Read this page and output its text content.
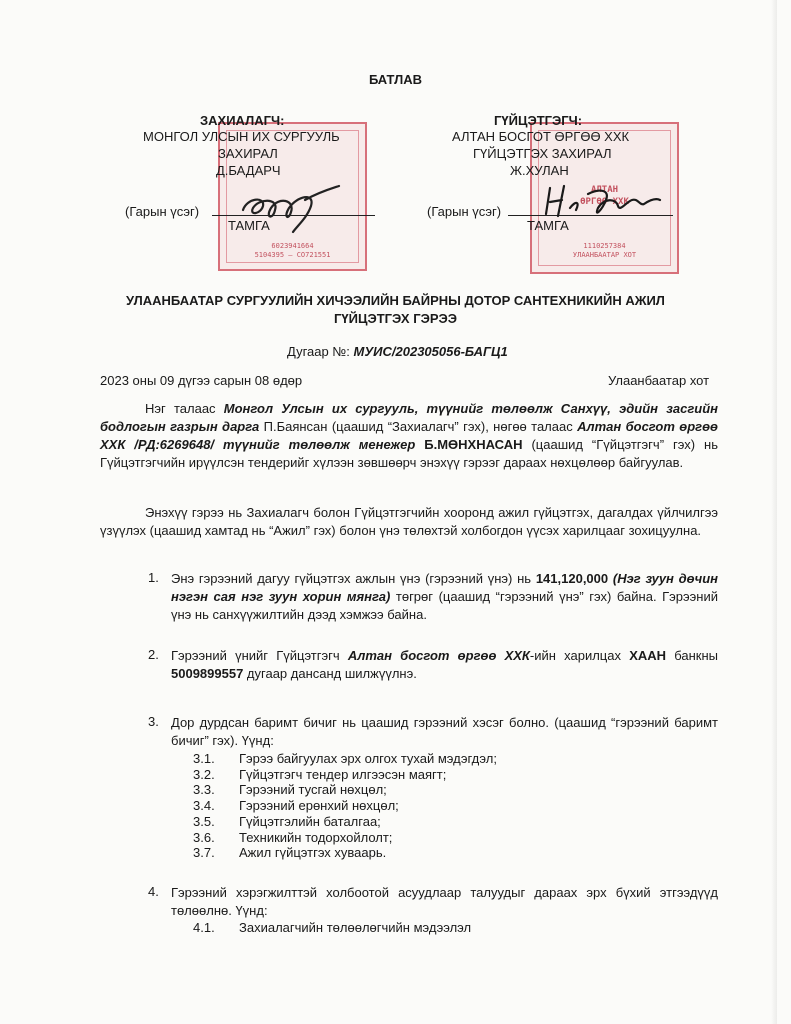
БАТЛАВ
6023941664
5104395 — СО721551
ЗАХИАЛАГЧ:
МОНГОЛ УЛСЫН ИХ СУРГУУЛЬ
ЗАХИРАЛ
Д.БАДАРЧ
(Гарын үсэг)
ТАМГА
АЛТАН
ӨРГӨӨ ХХК
1110257384
УЛААНБААТАР ХОТ
ГҮЙЦЭТГЭГЧ:
АЛТАН БОСГОТ ӨРГӨӨ ХХК
ГҮЙЦЭТГЭХ ЗАХИРАЛ
Ж.ХУЛАН
(Гарын үсэг)
ТАМГА
УЛААНБААТАР СУРГУУЛИЙН ХИЧЭЭЛИЙН БАЙРНЫ ДОТОР САНТЕХНИКИЙН АЖИЛ
ГҮЙЦЭТГЭХ ГЭРЭЭ
Дугаар №: МУИС/202305056-БАГЦ1
2023 оны 09 дүгээ сарын 08 өдөр	Улаанбаатар хот
Нэг талаас Монгол Улсын их сургууль, түүнийг төлөөлж Санхүү, эдийн засгийн бодлогын газрын дарга П.Баянсан (цаашид “Захиалагч” гэх), нөгөө талаас Алтан босгот өргөө ХХК /РД:6269648/ түүнийг төлөөлж менежер Б.МӨНХНАСАН (цаашид “Гүйцэтгэгч” гэх) нь Гүйцэтгэгчийн ирүүлсэн тендерийг хүлээн зөвшөөрч энэхүү гэрээг дараах нөхцөлөөр байгуулав.
Энэхүү гэрээ нь Захиалагч болон Гүйцэтгэгчийн хооронд ажил гүйцэтгэх, дагалдах үйлчилгээ үзүүлэх (цаашид хамтад нь “Ажил” гэх) болон үнэ төлөхтэй холбогдон үүсэх харилцааг зохицуулна.
1. Энэ гэрээний дагуу гүйцэтгэх ажлын үнэ (гэрээний үнэ) нь 141,120,000 (Нэг зуун дөчин нэгэн сая нэг зуун хорин мянга) төгрөг (цаашид “гэрээний үнэ” гэх) байна. Гэрээний үнэ нь санхүүжилтийн дээд хэмжээ байна.
2. Гэрээний үнийг Гүйцэтгэгч Алтан босгот өргөө ХХК-ийн харилцах ХААН банкны 5009899557 дугаар дансанд шилжүүлнэ.
3. Дор дурдсан баримт бичиг нь цаашид гэрээний хэсэг болно. (цаашид “гэрээний баримт бичиг” гэх). Үүнд:
3.1. Гэрээ байгуулах эрх олгох тухай мэдэгдэл;
3.2. Гүйцэтгэгч тендер илгээсэн маягт;
3.3. Гэрээний тусгай нөхцөл;
3.4. Гэрээний ерөнхий нөхцөл;
3.5. Гүйцэтгэлийн баталгаа;
3.6. Техникийн тодорхойлолт;
3.7. Ажил гүйцэтгэх хуваарь.
4. Гэрээний хэрэгжилттэй холбоотой асуудлаар талуудыг дараах эрх бүхий этгээдүүд төлөөлнө. Үүнд:
4.1. Захиалагчийн төлөөлөгчийн мэдээлэл
